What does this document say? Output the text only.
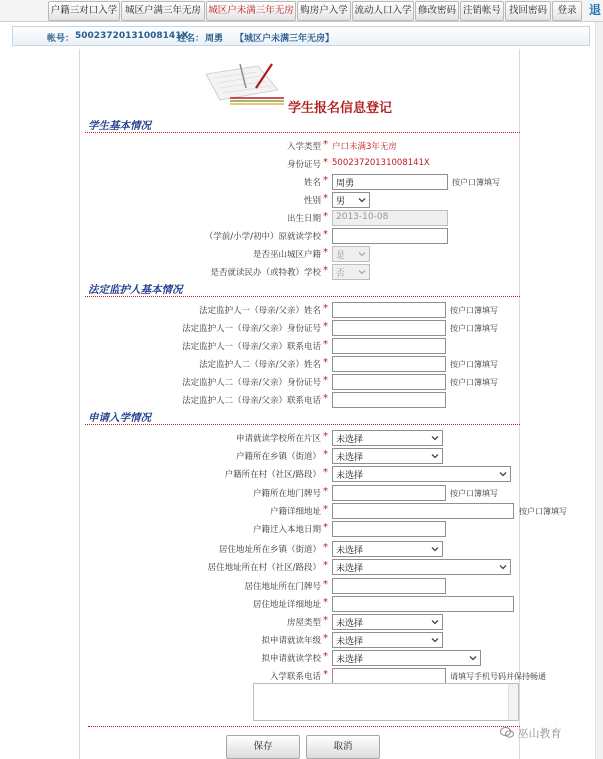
户籍三对口入学 城区户满三年无房 城区户未满三年无房 购房户入学 流动人口入学 修改密码 注销帐号 找回密码	登录	退
帐号： 500237201310081​41X
姓名： 周勇 【城区户未满三年无房】
学生报名信息登记
学生基本情况
入学类型 * 户口未满3年无房
身份证号 * 500237201310081​41X
姓名 * 周勇	按户口簿填写
性别 * 男
出生日期 * 2013-10-08
（学前/小学/初中）原就读学校 *
是否巫山城区户籍 * 是
是否就读民办（或特教）学校 * 否
法定监护人基本情况
法定监护人一（母亲/父亲）姓名 *	按户口簿填写
法定监护人一（母亲/父亲）身份证号 *	按户口簿填写
法定监护人一（母亲/父亲）联系电话 *
法定监护人二（母亲/父亲）姓名 *	按户口簿填写
法定监护人二（母亲/父亲）身份证号 *	按户口簿填写
法定监护人二（母亲/父亲）联系电话 *
申请入学情况
申请就读学校所在片区 * 未选择
户籍所在乡镇（街道） * 未选择
户籍所在村（社区/路段） * 未选择
户籍所在地门牌号 *	按户口簿填写
户籍详细地址 *	按户口簿填写
户籍迁入本地日期 *
居住地址所在乡镇（街道） * 未选择
居住地址所在村（社区/路段） * 未选择
居住地址所在门牌号 *
居住地址详细地址 *
房屋类型 * 未选择
拟申请就读年级 * 未选择
拟申请就读学校 * 未选择
入学联系电话 *	请填写手机号码并保持畅通
保存	取消
巫山教育
